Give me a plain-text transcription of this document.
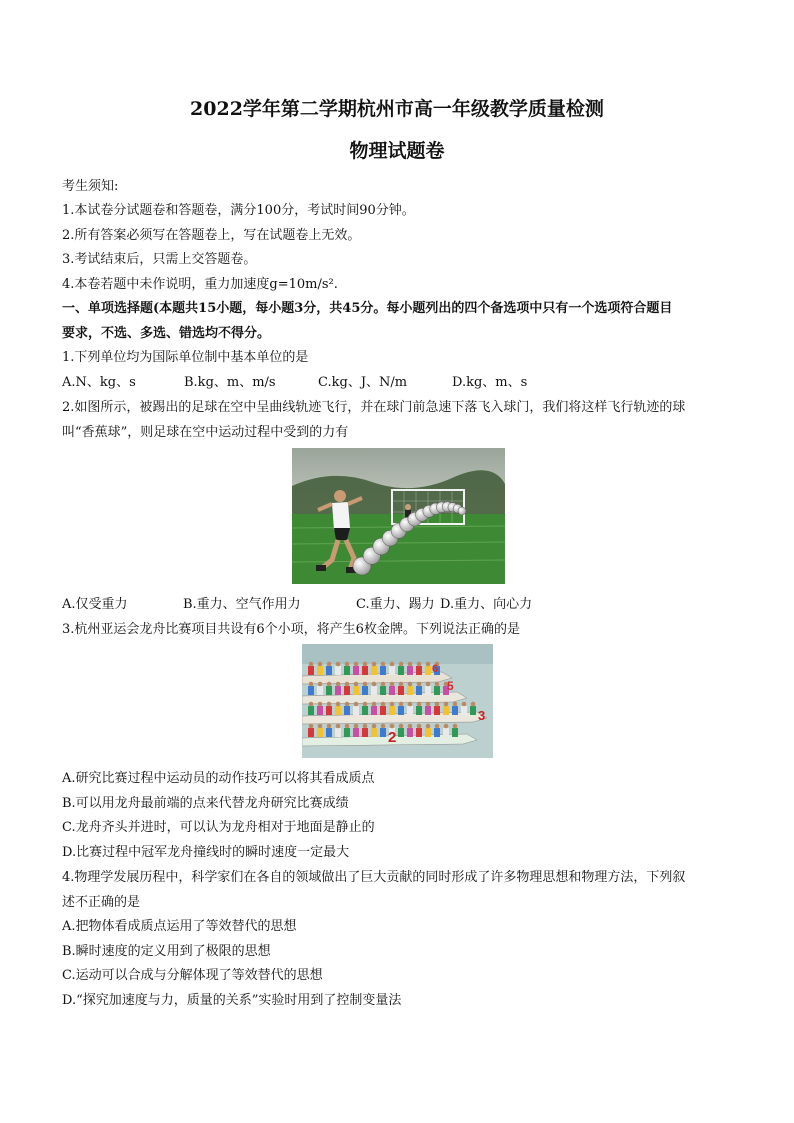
2022学年第二学期杭州市高一年级教学质量检测
物理试题卷
考生须知:
1.本试卷分试题卷和答题卷，满分100分，考试时间90分钟。
2.所有答案必须写在答题卷上，写在试题卷上无效。
3.考试结束后，只需上交答题卷。
4.本卷若题中未作说明，重力加速度g=10m/s².
一、单项选择题(本题共15小题，每小题3分，共45分。每小题列出的四个备选项中只有一个选项符合题目
要求，不选、多选、错选均不得分。
1.下列单位均为国际单位制中基本单位的是
A.N、kg、s	B.kg、m、m/s	C.kg、J、N/m	D.kg、m、s
2.如图所示，被踢出的足球在空中呈曲线轨迹飞行，并在球门前急速下落飞入球门，我们将这样飞行轨迹的球
叫“香蕉球”，则足球在空中运动过程中受到的力有
A.仅受重力	B.重力、空气作用力	C.重力、踢力 D.重力、向心力
3.杭州亚运会龙舟比赛项目共设有6个小项，将产生6枚金牌。下列说法正确的是
6
5
3
2
A.研究比赛过程中运动员的动作技巧可以将其看成质点
B.可以用龙舟最前端的点来代替龙舟研究比赛成绩
C.龙舟齐头并进时，可以认为龙舟相对于地面是静止的
D.比赛过程中冠军龙舟撞线时的瞬时速度一定最大
4.物理学发展历程中，科学家们在各自的领域做出了巨大贡献的同时形成了许多物理思想和物理方法，下列叙
述不正确的是
A.把物体看成质点运用了等效替代的思想
B.瞬时速度的定义用到了极限的思想
C.运动可以合成与分解体现了等效替代的思想
D.“探究加速度与力，质量的关系”实验时用到了控制变量法
